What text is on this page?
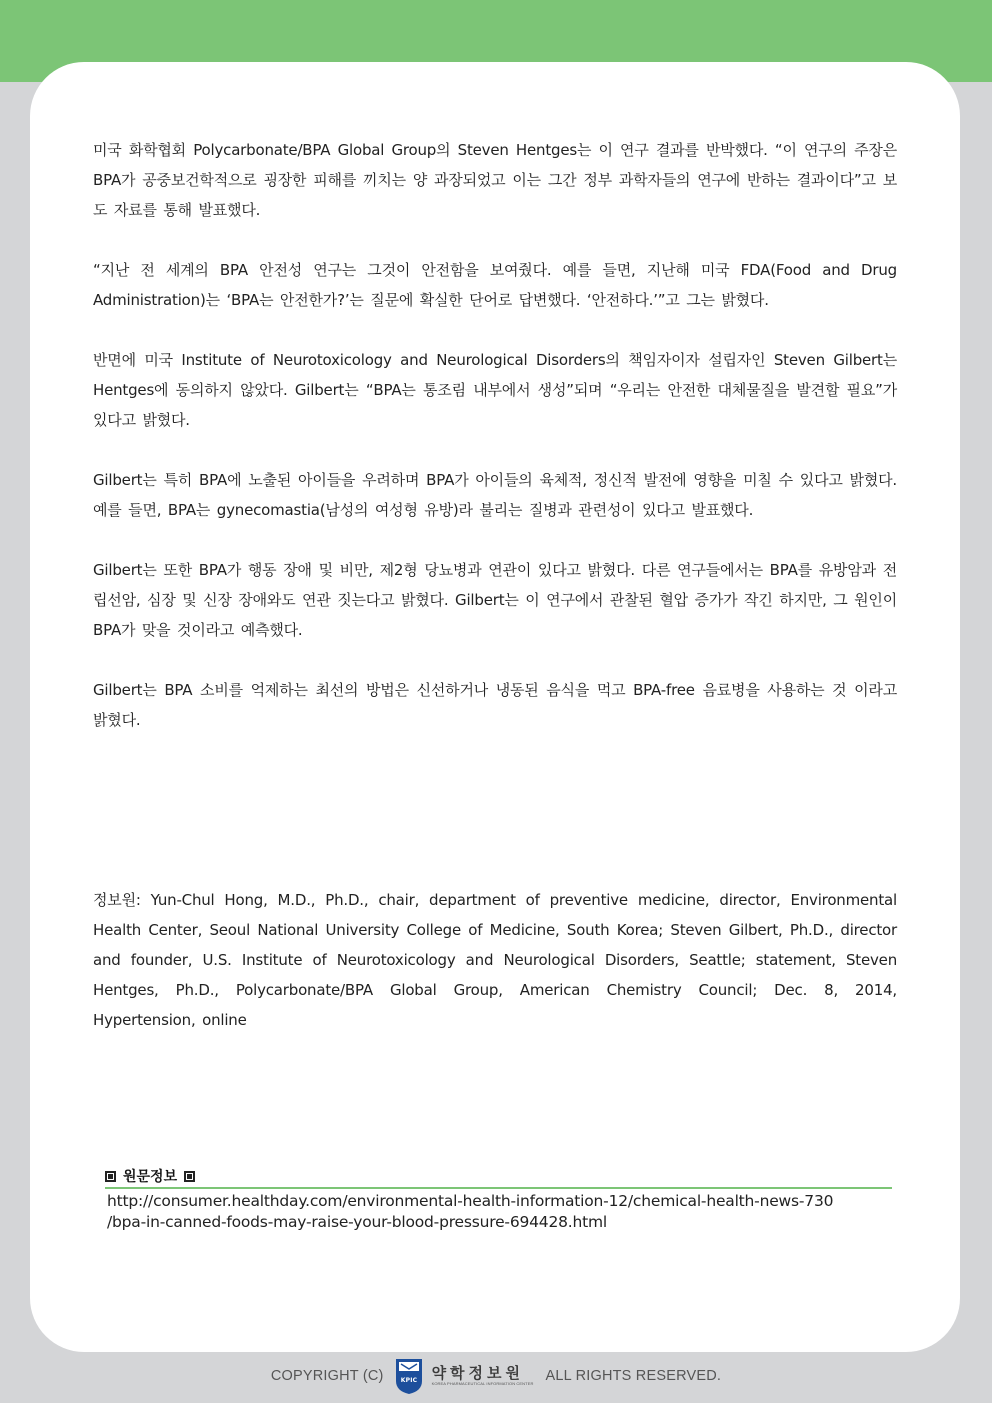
미국 화학협회 Polycarbonate/BPA Global Group의 Steven Hentges는 이 연구 결과를 반박했다. “이 연구의 주장은 BPA가 공중보건학적으로 굉장한 피해를 끼치는 양 과장되었고 이는 그간 정부 과학자들의 연구에 반하는 결과이다”고 보도 자료를 통해 발표했다.

“지난 전 세계의 BPA 안전성 연구는 그것이 안전함을 보여줬다. 예를 들면, 지난해 미국 FDA(Food and Drug Administration)는 ‘BPA는 안전한가?’는 질문에 확실한 단어로 답변했다. ‘안전하다.’”고 그는 밝혔다.

반면에 미국 Institute of Neurotoxicology and Neurological Disorders의 책임자이자 설립자인 Steven Gilbert는 Hentges에 동의하지 않았다. Gilbert는 “BPA는 통조림 내부에서 생성”되며 “우리는 안전한 대체물질을 발견할 필요”가 있다고 밝혔다.

Gilbert는 특히 BPA에 노출된 아이들을 우려하며 BPA가 아이들의 육체적, 정신적 발전에 영향을 미칠 수 있다고 밝혔다. 예를 들면, BPA는 gynecomastia(남성의 여성형 유방)라 불리는 질병과 관련성이 있다고 발표했다.

Gilbert는 또한 BPA가 행동 장애 및 비만, 제2형 당뇨병과 연관이 있다고 밝혔다. 다른 연구들에서는 BPA를 유방암과 전립선암, 심장 및 신장 장애와도 연관 짓는다고 밝혔다. Gilbert는 이 연구에서 관찰된 혈압 증가가 작긴 하지만, 그 원인이 BPA가 맞을 것이라고 예측했다.

Gilbert는 BPA 소비를 억제하는 최선의 방법은 신선하거나 냉동된 음식을 먹고 BPA-free 음료병을 사용하는 것 이라고 밝혔다.

정보원: Yun-Chul Hong, M.D., Ph.D., chair, department of preventive medicine, director, Environmental Health Center, Seoul National University College of Medicine, South Korea; Steven Gilbert, Ph.D., director and founder, U.S. Institute of Neurotoxicology and Neurological Disorders, Seattle; statement, Steven Hentges, Ph.D., Polycarbonate/BPA Global Group, American Chemistry Council; Dec. 8, 2014, Hypertension, online
원문정보
http://consumer.healthday.com/environmental-health-information-12/chemical-health-news-730
/bpa-in-canned-foods-may-raise-your-blood-pressure-694428.html
COPYRIGHT (C)	KPIC 약학정보원
KOREA PHARMACEUTICAL INFORMATION CENTER ALL RIGHTS RESERVED.
